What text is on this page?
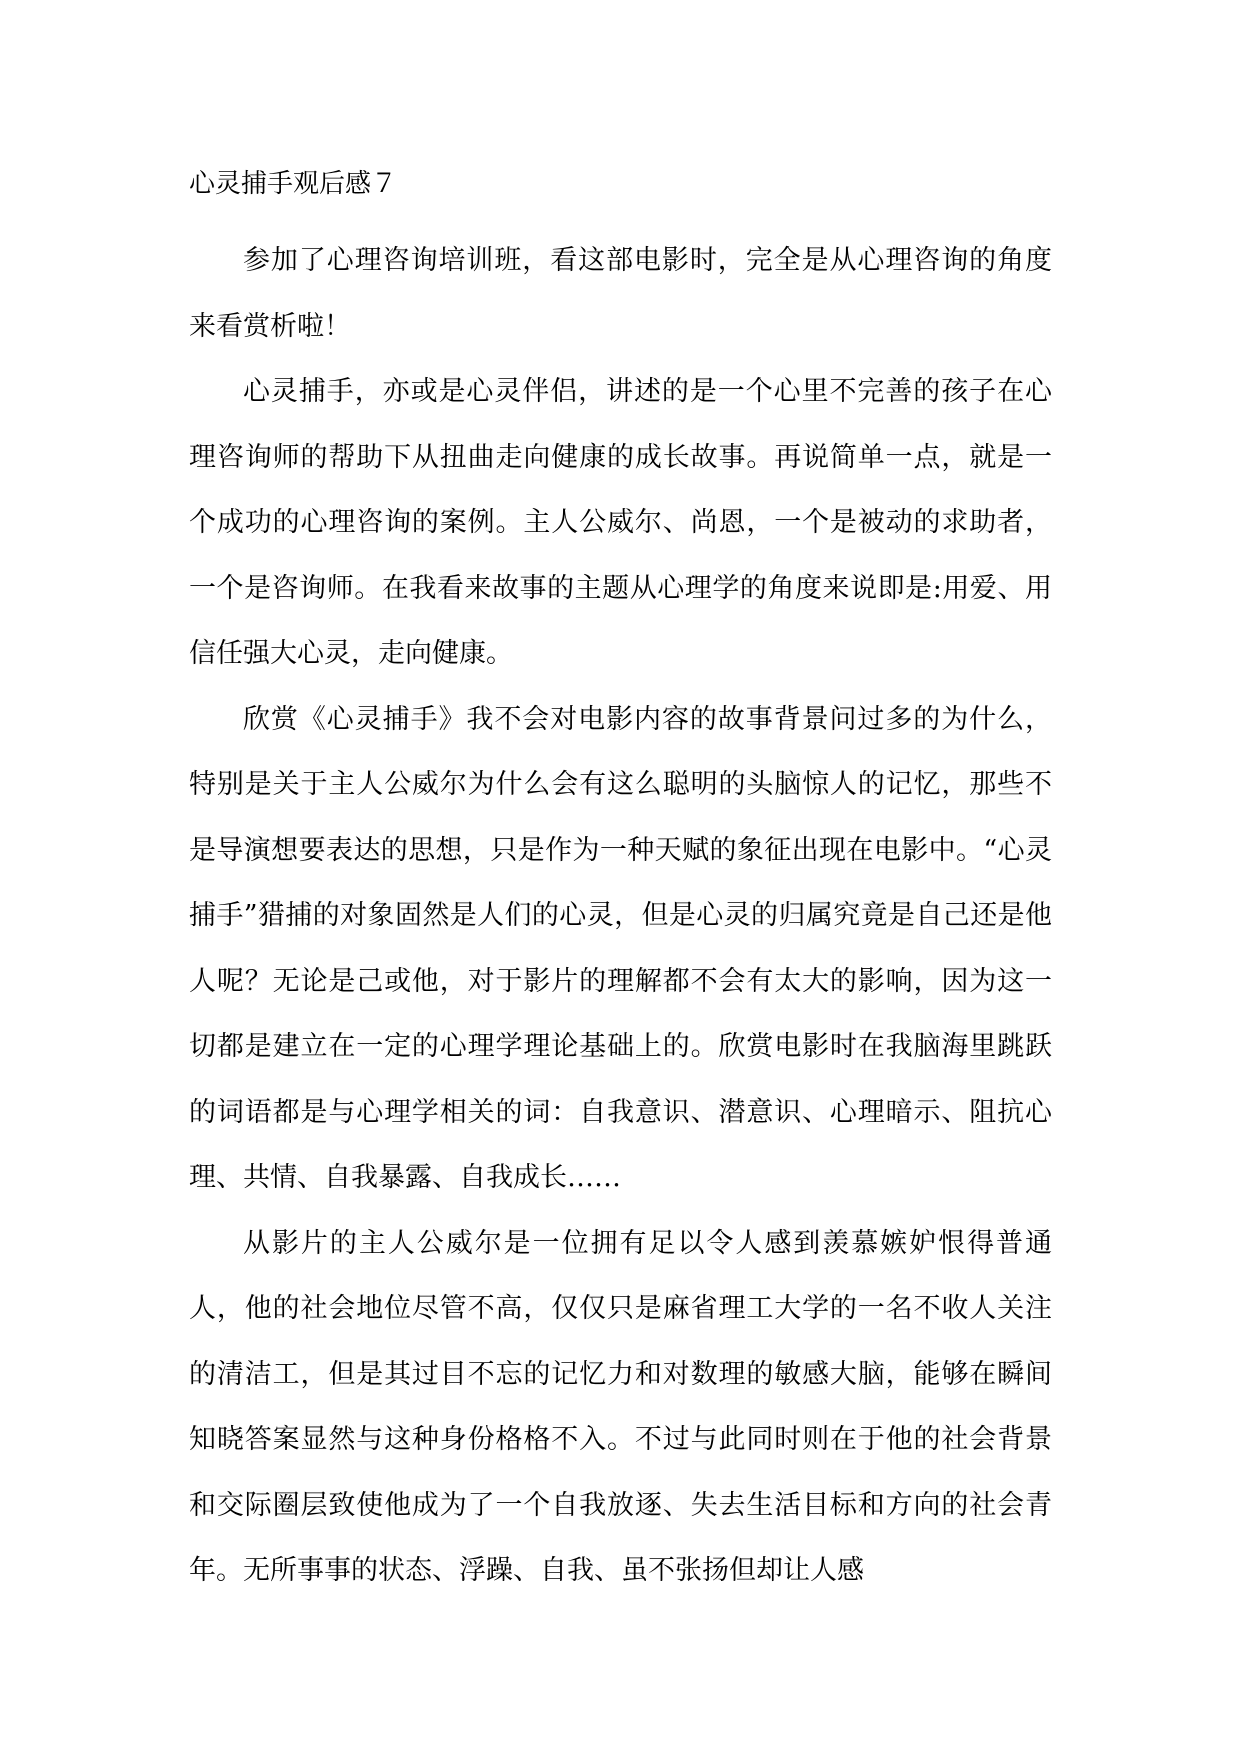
心灵捕手观后感７

参加了心理咨询培训班，看这部电影时，完全是从心理咨询的角度来看赏析啦！

心灵捕手，亦或是心灵伴侣，讲述的是一个心里不完善的孩子在心理咨询师的帮助下从扭曲走向健康的成长故事。再说简单一点，就是一个成功的心理咨询的案例。主人公威尔、尚恩，一个是被动的求助者，一个是咨询师。在我看来故事的主题从心理学的角度来说即是:用爱、用信任强大心灵，走向健康。

欣赏《心灵捕手》我不会对电影内容的故事背景问过多的为什么，特别是关于主人公威尔为什么会有这么聪明的头脑惊人的记忆，那些不是导演想要表达的思想，只是作为一种天赋的象征出现在电影中。“心灵捕手”猎捕的对象固然是人们的心灵，但是心灵的归属究竟是自己还是他人呢？无论是己或他，对于影片的理解都不会有太大的影响，因为这一切都是建立在一定的心理学理论基础上的。欣赏电影时在我脑海里跳跃的词语都是与心理学相关的词：自我意识、潜意识、心理暗示、阻抗心理、共情、自我暴露、自我成长……

从影片的主人公威尔是一位拥有足以令人感到羡慕嫉妒恨得普通人，他的社会地位尽管不高，仅仅只是麻省理工大学的一名不收人关注的清洁工，但是其过目不忘的记忆力和对数理的敏感大脑，能够在瞬间知晓答案显然与这种身份格格不入。不过与此同时则在于他的社会背景和交际圈层致使他成为了一个自我放逐、失去生活目标和方向的社会青年。无所事事的状态、浮躁、自我、虽不张扬但却让人感
